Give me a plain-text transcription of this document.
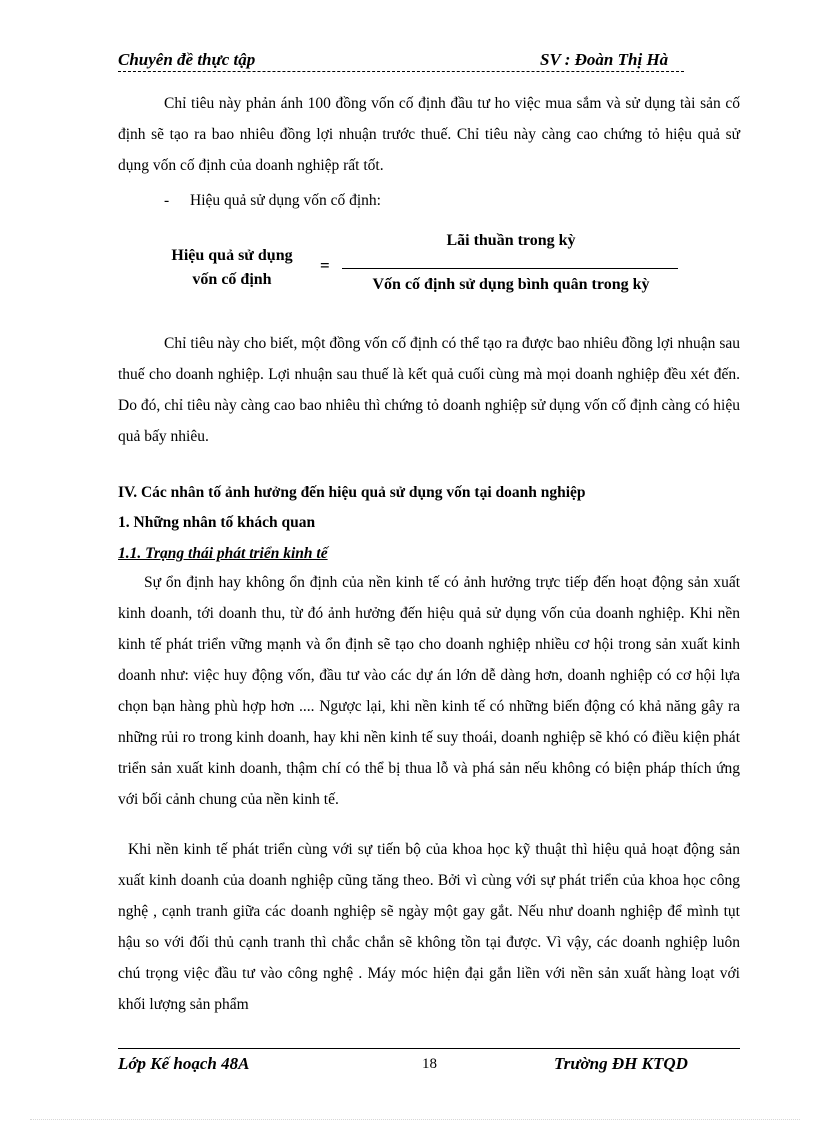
Chuyên đề thực tập	SV : Đoàn Thị Hà

Chỉ tiêu này phản ánh 100 đồng vốn cố định đầu tư ho việc mua sắm và sử dụng tài sản cố định sẽ tạo ra bao nhiêu đồng lợi nhuận trước thuế. Chỉ tiêu này càng cao chứng tỏ hiệu quả sử dụng vốn cố định của doanh nghiệp rất tốt.

- Hiệu quả sử dụng vốn cố định:
Hiệu quả sử dụng
vốn cố định
=
Lãi thuần trong kỳ
Vốn cố định sử dụng bình quân trong kỳ

Chỉ tiêu này cho biết, một đồng vốn cố định có thể tạo ra được bao nhiêu đồng lợi nhuận sau thuế cho doanh nghiệp. Lợi nhuận sau thuế là kết quả cuối cùng mà mọi doanh nghiệp đều xét đến. Do đó, chỉ tiêu này càng cao bao nhiêu thì chứng tỏ doanh nghiệp sử dụng vốn cố định càng có hiệu quả bấy nhiêu.

IV. Các nhân tố ảnh hưởng đến hiệu quả sử dụng vốn tại doanh nghiệp
1. Những nhân tố khách quan
1.1. Trạng thái phát triển kinh tế

Sự ổn định hay không ổn định của nền kinh tế có ảnh hưởng trực tiếp đến hoạt động sản xuất kinh doanh, tới doanh thu, từ đó ảnh hưởng đến hiệu quả sử dụng vốn của doanh nghiệp. Khi nền kinh tế phát triển vững mạnh và ổn định sẽ tạo cho doanh nghiệp nhiều cơ hội trong sản xuất kinh doanh như: việc huy động vốn, đầu tư vào các dự án lớn dễ dàng hơn, doanh nghiệp có cơ hội lựa chọn bạn hàng phù hợp hơn .... Ngược lại, khi nền kinh tế có những biến động có khả năng gây ra những rủi ro trong kinh doanh, hay khi nền kinh tế suy thoái, doanh nghiệp sẽ khó có điều kiện phát triển sản xuất kinh doanh, thậm chí có thể bị thua lỗ và phá sản nếu không có biện pháp thích ứng với bối cảnh chung của nền kinh tế.

Khi nền kinh tế phát triển cùng với sự tiến bộ của khoa học kỹ thuật thì hiệu quả hoạt động sản xuất kinh doanh của doanh nghiệp cũng tăng theo. Bởi vì cùng với sự phát triển của khoa học công nghệ , cạnh tranh giữa các doanh nghiệp sẽ ngày một gay gắt. Nếu như doanh nghiệp để mình tụt hậu so với đối thủ cạnh tranh thì chắc chắn sẽ không tồn tại được. Vì vậy, các doanh nghiệp luôn chú trọng việc đầu tư vào công nghệ . Máy móc hiện đại gắn liền với nền sản xuất hàng loạt với khối lượng sản phẩm

Lớp Kế hoạch 48A	18	Trường ĐH KTQD
